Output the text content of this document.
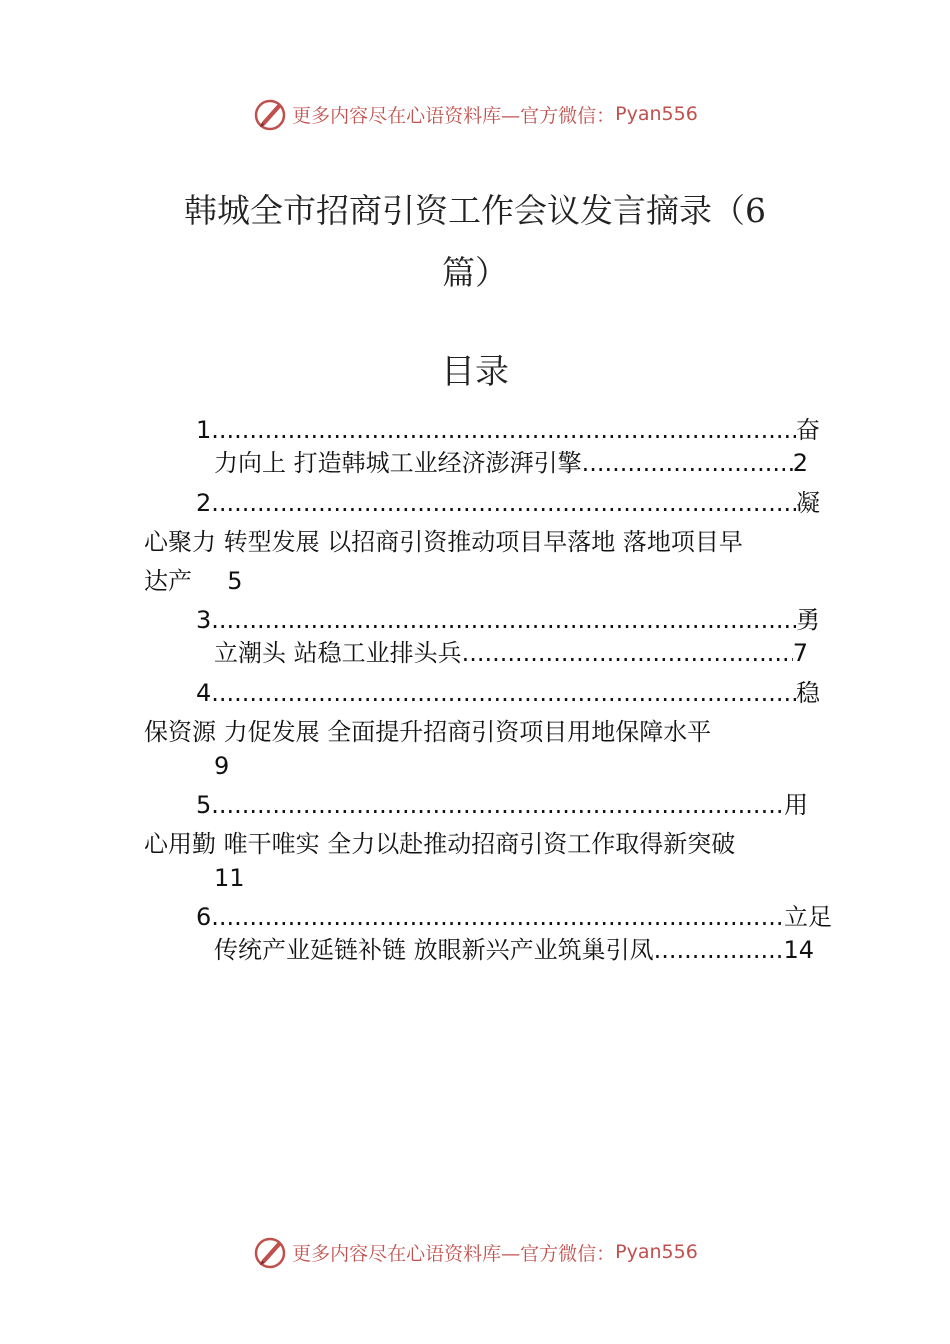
更多内容尽在心语资料库—官方微信： Pyan556
韩城全市招商引资工作会议发言摘录（6
篇）
目录
1 .....	奋
力向上 打造韩城工业经济澎湃引擎 .....	2
2 .....	凝
心聚力 转型发展 以招商引资推动项目早落地 落地项目早
达产 5
3 .....	勇
立潮头 站稳工业排头兵 .....	7
4 .....	稳
保资源 力促发展 全面提升招商引资项目用地保障水平
9
5 .....	用
心用勤 唯干唯实 全力以赴推动招商引资工作取得新突破
11
6 .....	立足
传统产业延链补链 放眼新兴产业筑巢引凤 .....	14
更多内容尽在心语资料库—官方微信： Pyan556
